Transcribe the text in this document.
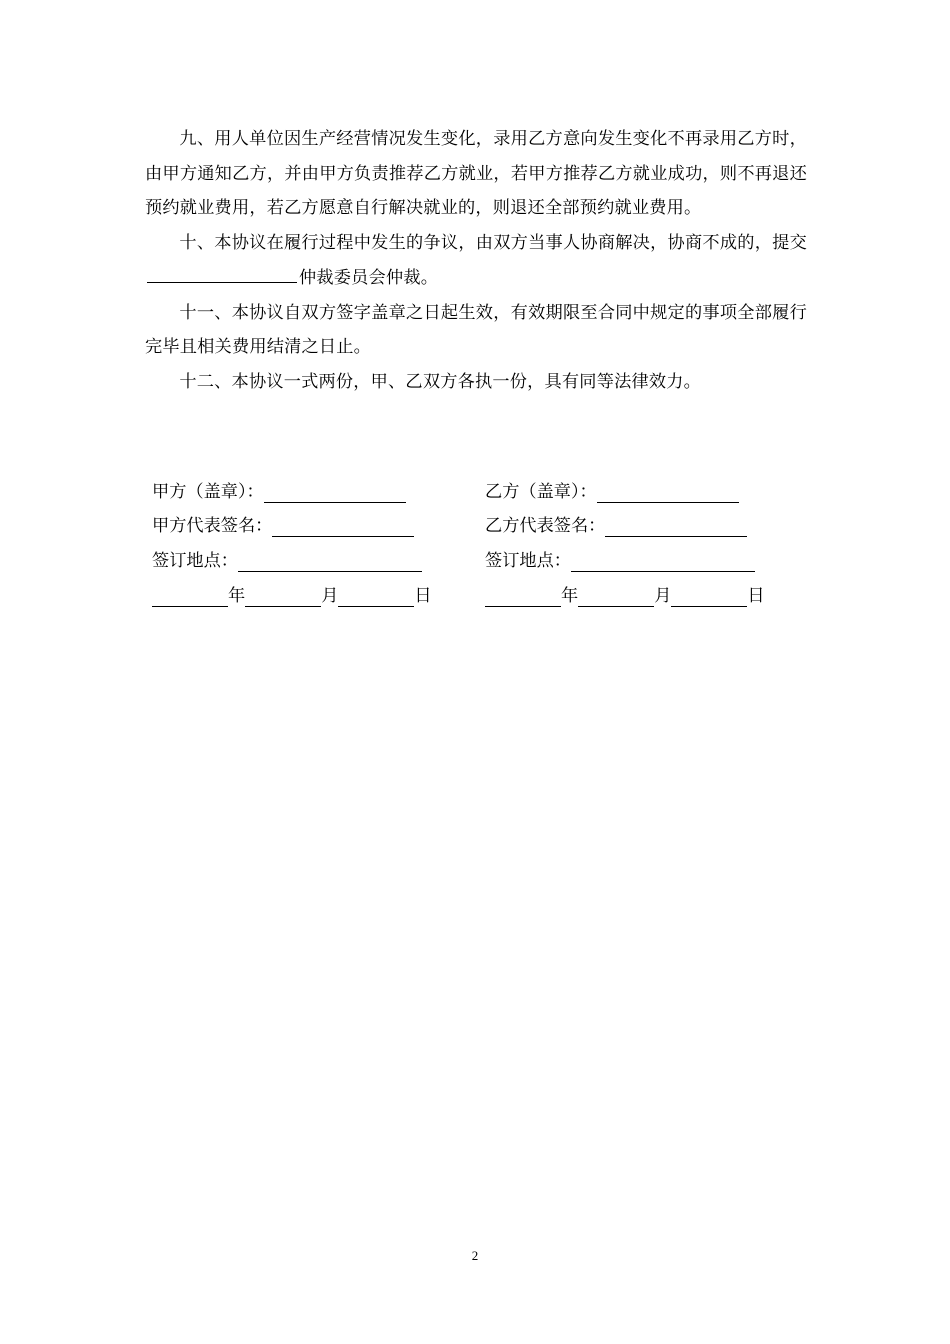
九、用人单位因生产经营情况发生变化，录用乙方意向发生变化不再录用乙方时，由甲方通知乙方，并由甲方负责推荐乙方就业，若甲方推荐乙方就业成功，则不再退还预约就业费用，若乙方愿意自行解决就业的，则退还全部预约就业费用。

十、本协议在履行过程中发生的争议，由双方当事人协商解决，协商不成的，提交仲裁委员会仲裁。

十一、本协议自双方签字盖章之日起生效，有效期限至合同中规定的事项全部履行完毕且相关费用结清之日止。

十二、本协议一式两份，甲、乙双方各执一份，具有同等法律效力。

甲方（盖章）：
甲方代表签名：
签订地点：
年	月	日
乙方（盖章）：
乙方代表签名：
签订地点：
年	月	日
2
